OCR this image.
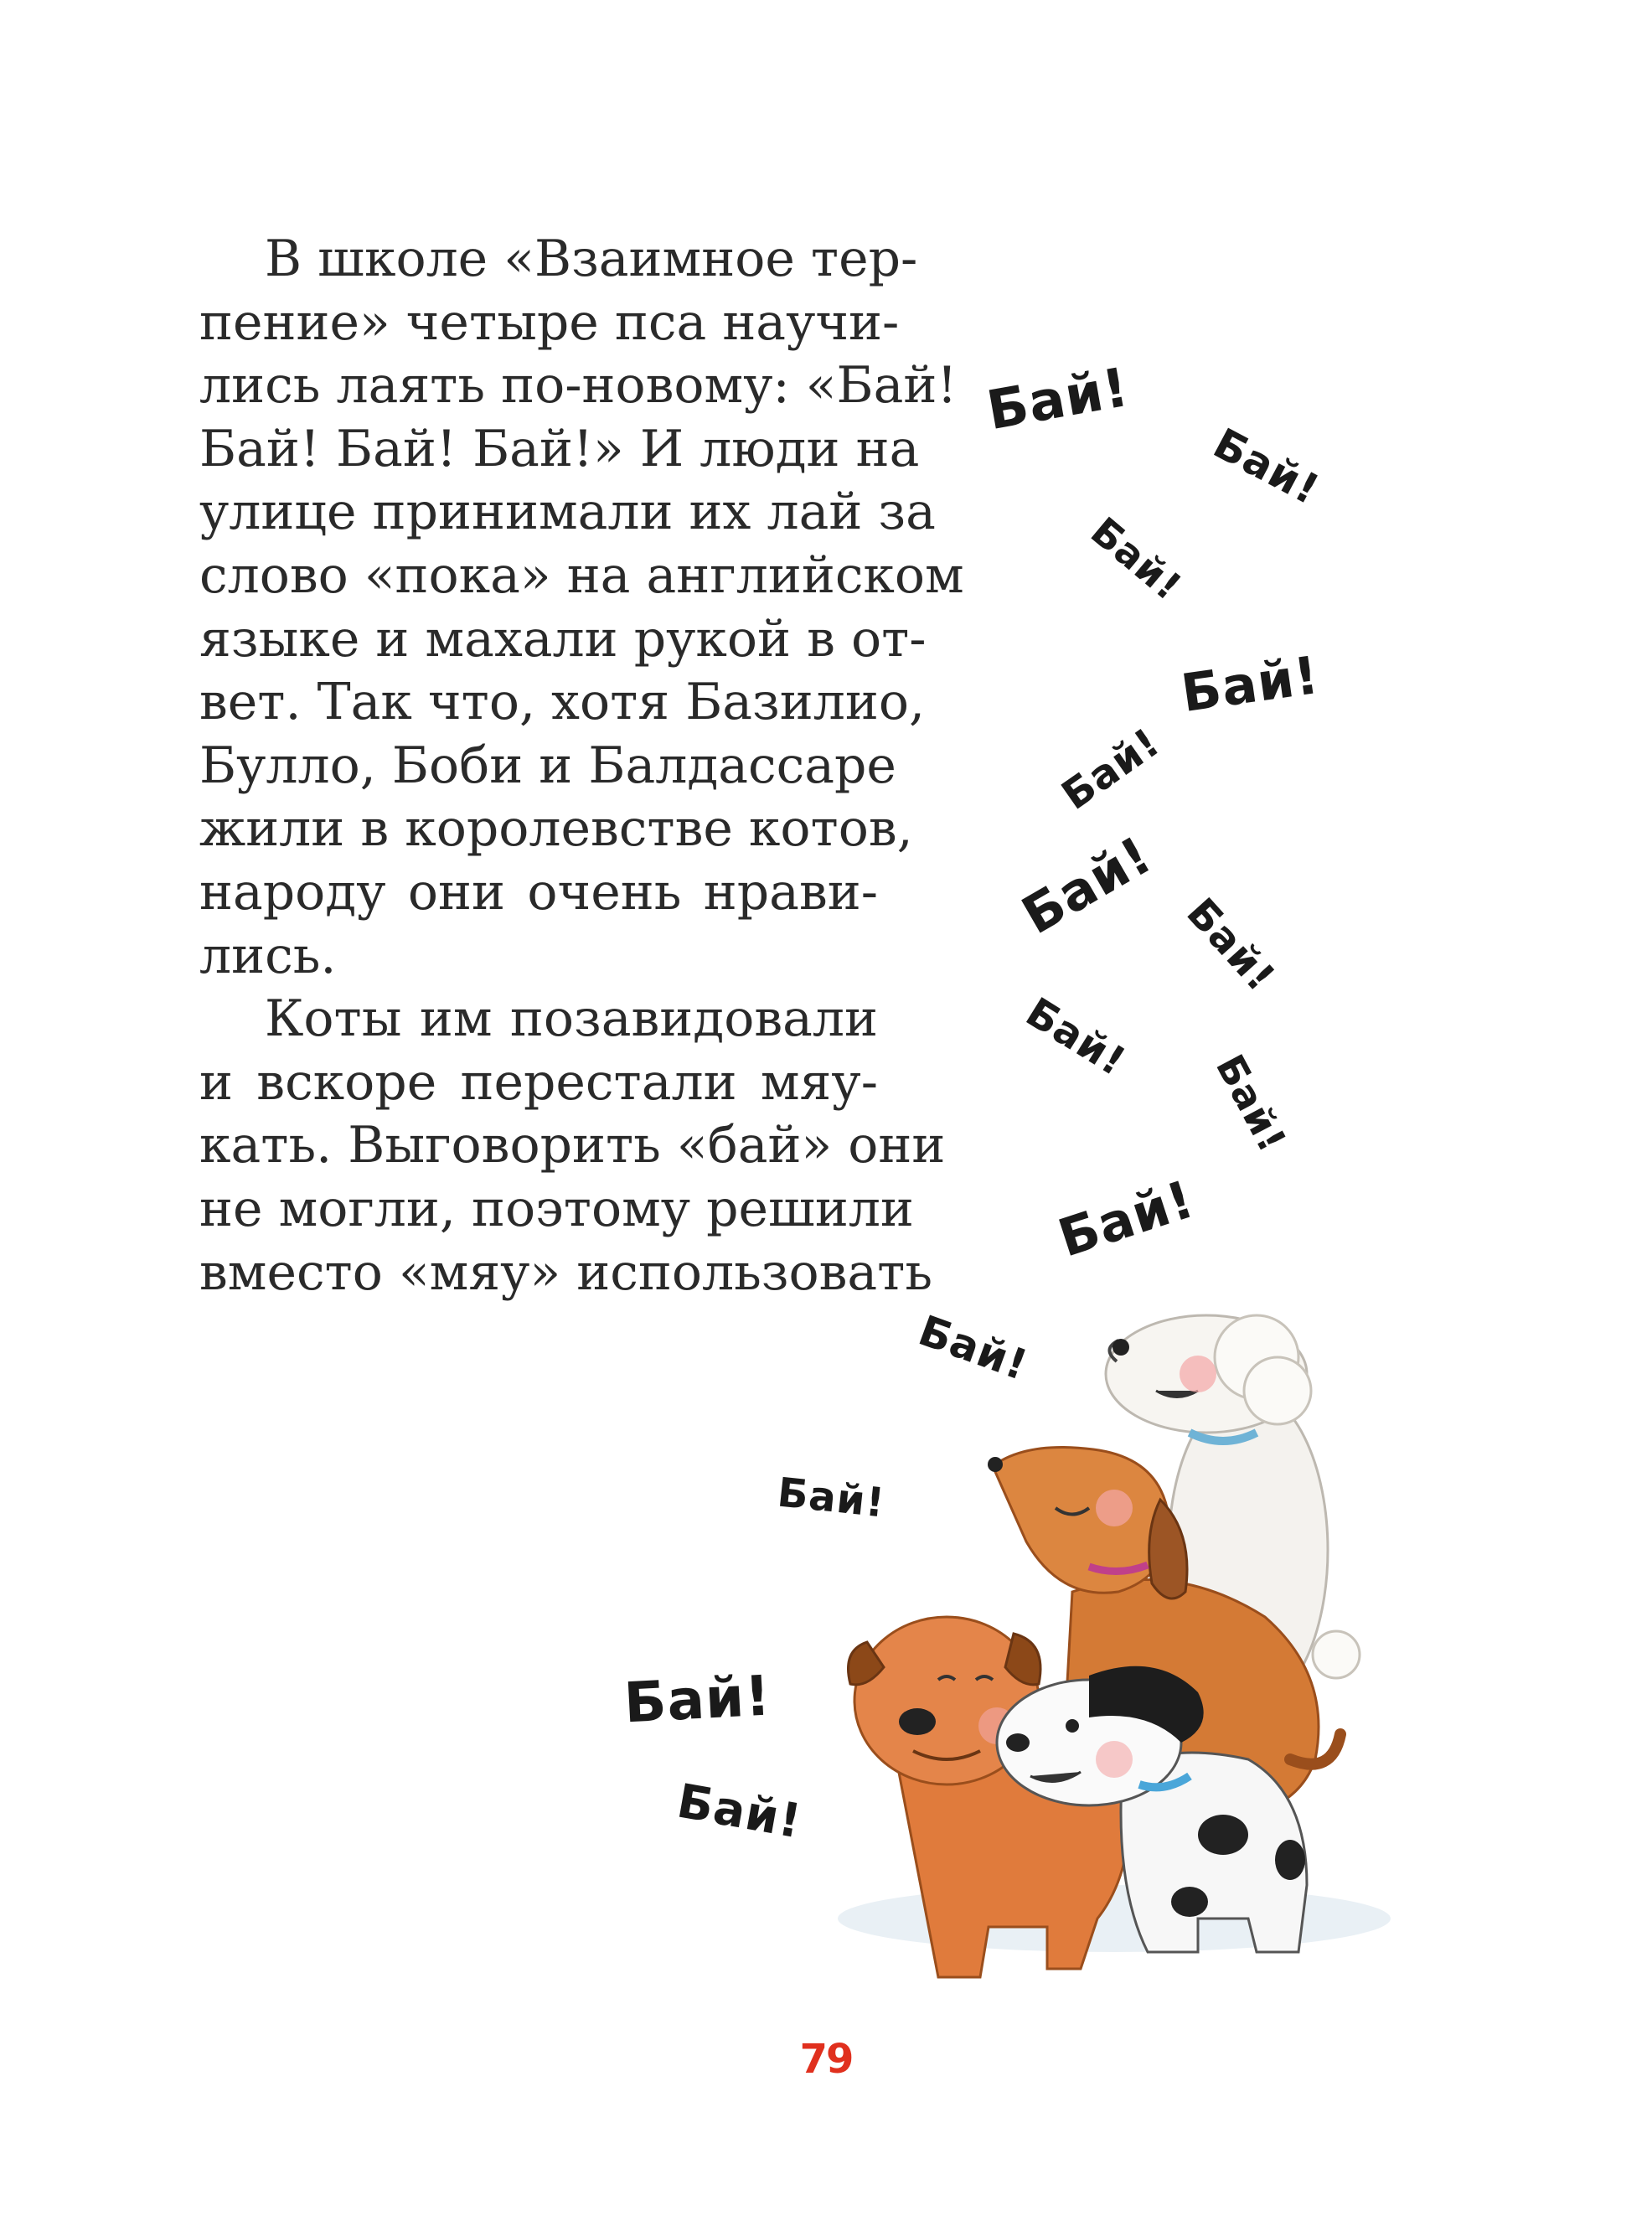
В школе «Взаимное тер-
пение» четыре пса научи-
лись лаять по-новому: «Бай!
Бай! Бай! Бай!» И люди на
улице принимали их лай за
слово «пока» на английском
языке и махали рукой в от-
вет. Так что, хотя Базилио,
Булло, Боби и Балдассаре
жили в королевстве котов,
народу они очень нрави-
лись.
Коты им позавидовали
и вскоре перестали мяу-
кать. Выговорить «бай» они
не могли, поэтому решили
вместо «мяу» использовать
Бай!
Бай!
Бай!
Бай!
Бай!
Бай! Бай!
Бай!
Бай!
Бай!
Бай!
Бай!
Бай!
Бай!
79
